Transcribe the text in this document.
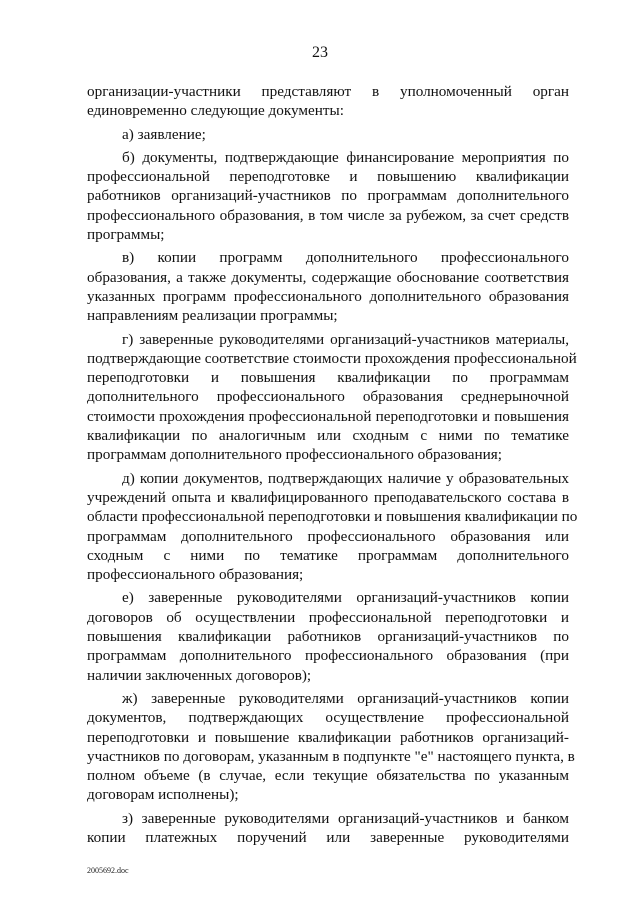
23
организации-участники представляют в уполномоченный орган
единовременно следующие документы:
а) заявление;
б) документы, подтверждающие финансирование мероприятия по
профессиональной переподготовке и повышению квалификации
работников организаций-участников по программам дополнительного
профессионального образования, в том числе за рубежом, за счет средств
программы;
в) копии программ дополнительного профессионального
образования, а также документы, содержащие обоснование соответствия
указанных программ профессионального дополнительного образования
направлениям реализации программы;
г) заверенные руководителями организаций-участников материалы,
подтверждающие соответствие стоимости прохождения профессиональной
переподготовки и повышения квалификации по программам
дополнительного профессионального образования среднерыночной
стоимости прохождения профессиональной переподготовки и повышения
квалификации по аналогичным или сходным с ними по тематике
программам дополнительного профессионального образования;
д) копии документов, подтверждающих наличие у образовательных
учреждений опыта и квалифицированного преподавательского состава в
области профессиональной переподготовки и повышения квалификации по
программам дополнительного профессионального образования или
сходным с ними по тематике программам дополнительного
профессионального образования;
е) заверенные руководителями организаций-участников копии
договоров об осуществлении профессиональной переподготовки и
повышения квалификации работников организаций-участников по
программам дополнительного профессионального образования (при
наличии заключенных договоров);
ж) заверенные руководителями организаций-участников копии
документов, подтверждающих осуществление профессиональной
переподготовки и повышение квалификации работников организаций-
участников по договорам, указанным в подпункте "е" настоящего пункта, в
полном объеме (в случае, если текущие обязательства по указанным
договорам исполнены);
з) заверенные руководителями организаций-участников и банком
копии платежных поручений или заверенные руководителями
2005692.doc
